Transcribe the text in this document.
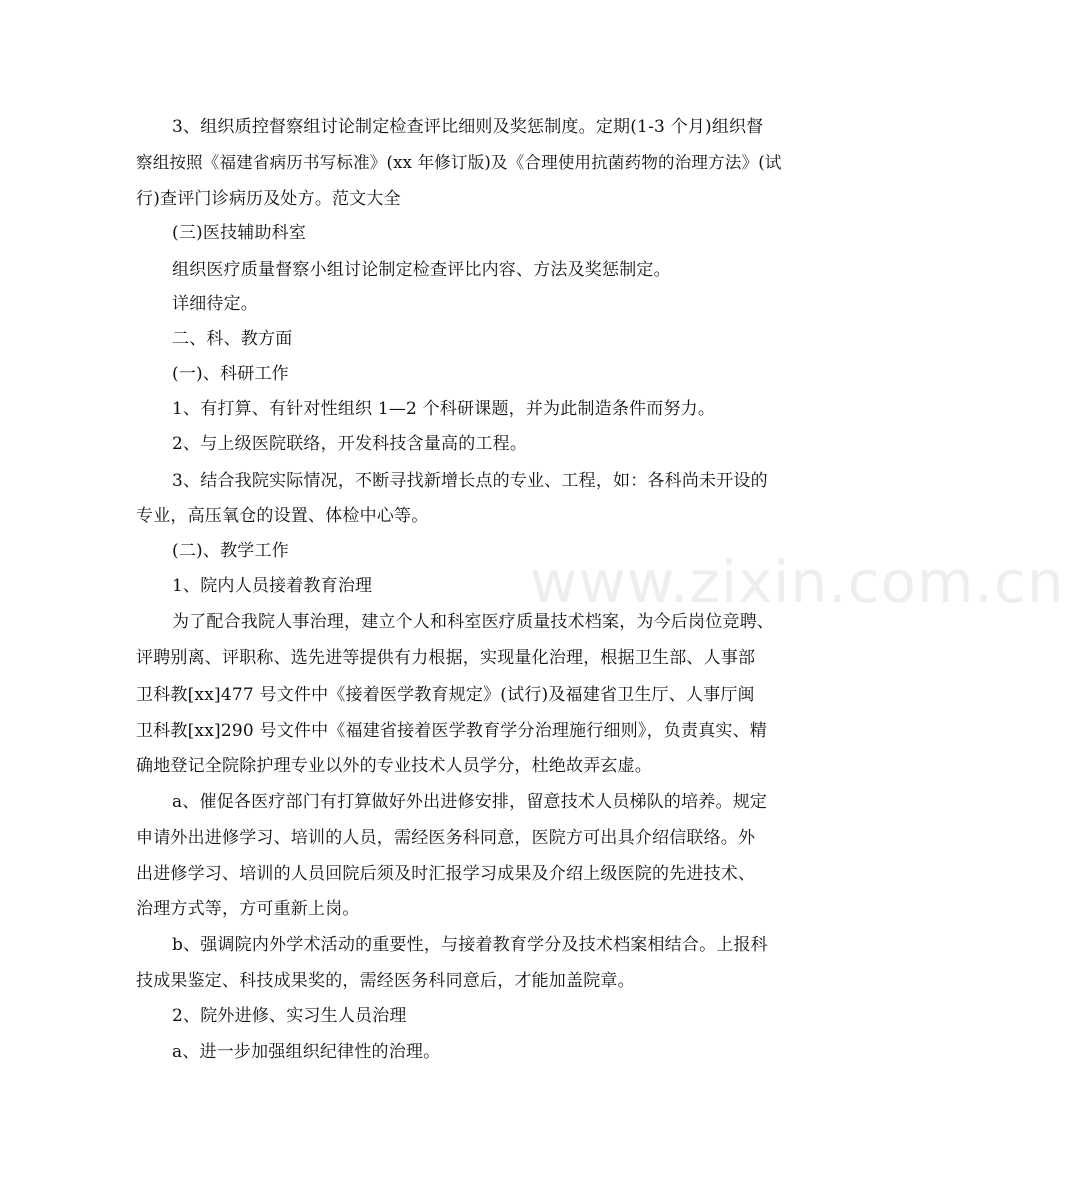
www.zixin.com.cn
3、组织质控督察组讨论制定检查评比细则及奖惩制度。定期(1-3 个月)组织督
察组按照《福建省病历书写标准》(xx 年修订版)及《合理使用抗菌药物的治理方法》(试
行)查评门诊病历及处方。范文大全
(三)医技辅助科室
组织医疗质量督察小组讨论制定检查评比内容、方法及奖惩制定。
详细待定。
二、科、教方面
(一)、科研工作
1、有打算、有针对性组织 1—2 个科研课题，并为此制造条件而努力。
2、与上级医院联络，开发科技含量高的工程。
3、结合我院实际情况，不断寻找新增长点的专业、工程，如：各科尚未开设的
专业，高压氧仓的设置、体检中心等。
(二)、教学工作
1、院内人员接着教育治理
为了配合我院人事治理，建立个人和科室医疗质量技术档案，为今后岗位竞聘、
评聘别离、评职称、选先进等提供有力根据，实现量化治理，根据卫生部、人事部
卫科教[xx]477 号文件中《接着医学教育规定》(试行)及福建省卫生厅、人事厅闽
卫科教[xx]290 号文件中《福建省接着医学教育学分治理施行细则》，负责真实、精
确地登记全院除护理专业以外的专业技术人员学分，杜绝故弄玄虚。
a、催促各医疗部门有打算做好外出进修安排，留意技术人员梯队的培养。规定
申请外出进修学习、培训的人员，需经医务科同意，医院方可出具介绍信联络。外
出进修学习、培训的人员回院后须及时汇报学习成果及介绍上级医院的先进技术、
治理方式等，方可重新上岗。
b、强调院内外学术活动的重要性，与接着教育学分及技术档案相结合。上报科
技成果鉴定、科技成果奖的，需经医务科同意后，才能加盖院章。
2、院外进修、实习生人员治理
a、进一步加强组织纪律性的治理。
